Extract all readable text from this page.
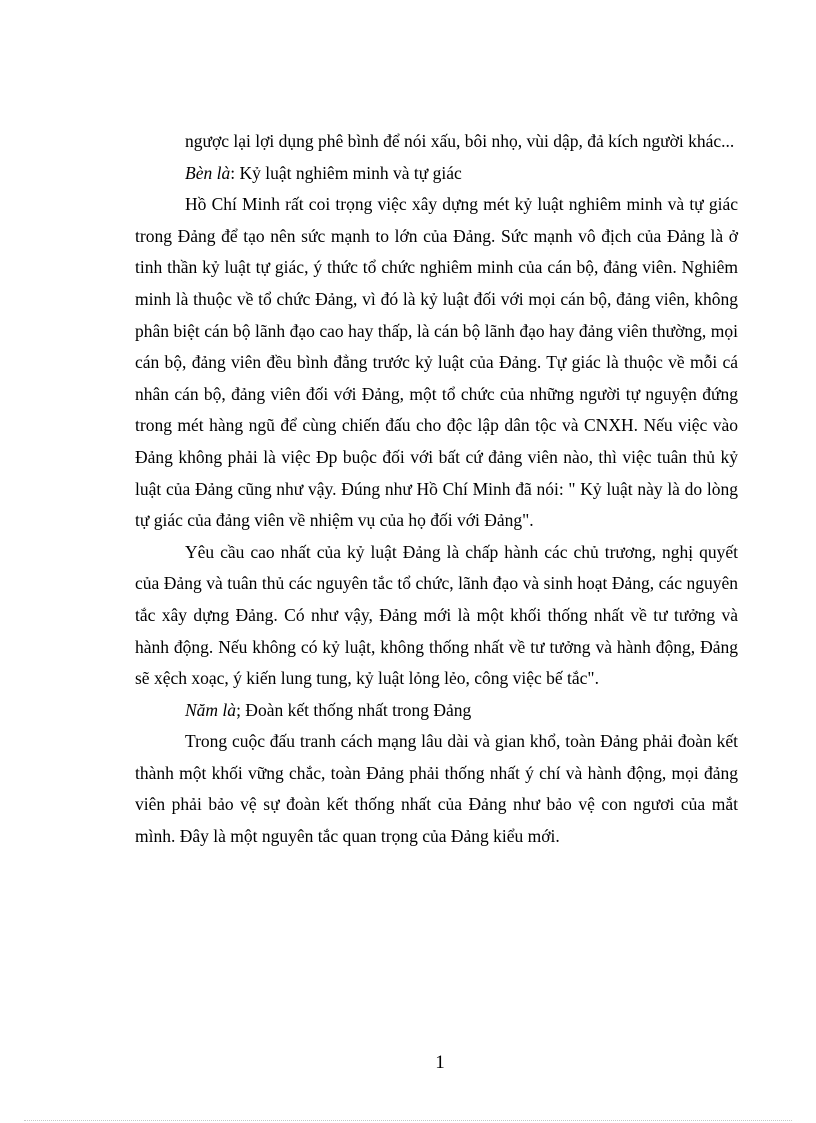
ngược lại lợi dụng phê bình để nói xấu, bôi nhọ, vùi dập, đả kích người khác...

Bèn là: Kỷ luật nghiêm minh và tự giác

Hồ Chí Minh rất coi trọng việc xây dựng mét kỷ luật nghiêm minh và tự giác trong Đảng để tạo nên sức mạnh to lớn của Đảng. Sức mạnh vô địch của Đảng là ở tinh thần kỷ luật tự giác, ý thức tổ chức nghiêm minh của cán bộ, đảng viên. Nghiêm minh là thuộc về tổ chức Đảng, vì đó là kỷ luật đối với mọi cán bộ, đảng viên, không phân biệt cán bộ lãnh đạo cao hay thấp, là cán bộ lãnh đạo hay đảng viên thường, mọi cán bộ, đảng viên đều bình đẳng trước kỷ luật của Đảng. Tự giác là thuộc về mỗi cá nhân cán bộ, đảng viên đối với Đảng, một tổ chức của những người tự nguyện đứng trong mét hàng ngũ để cùng chiến đấu cho độc lập dân tộc và CNXH. Nếu việc vào Đảng không phải là việc Ðp buộc đối với bất cứ đảng viên nào, thì việc tuân thủ kỷ luật của Đảng cũng như vậy. Đúng như Hồ Chí Minh đã nói: " Kỷ luật này là do lòng tự giác của đảng viên về nhiệm vụ của họ đối với Đảng".

Yêu cầu cao nhất của kỷ luật Đảng là chấp hành các chủ trương, nghị quyết của Đảng và tuân thủ các nguyên tắc tổ chức, lãnh đạo và sinh hoạt Đảng, các nguyên tắc xây dựng Đảng. Có như vậy, Đảng mới là một khối thống nhất về tư tưởng và hành động. Nếu không có kỷ luật, không thống nhất về tư tưởng và hành động, Đảng sẽ xệch xoạc, ý kiến lung tung, kỷ luật lỏng lẻo, công việc bế tắc".

Năm là; Đoàn kết thống nhất trong Đảng

Trong cuộc đấu tranh cách mạng lâu dài và gian khổ, toàn Đảng phải đoàn kết thành một khối vững chắc, toàn Đảng phải thống nhất ý chí và hành động, mọi đảng viên phải bảo vệ sự đoàn kết thống nhất của Đảng như bảo vệ con ngươi của mắt mình. Đây là một nguyên tắc quan trọng của Đảng kiểu mới.

1
